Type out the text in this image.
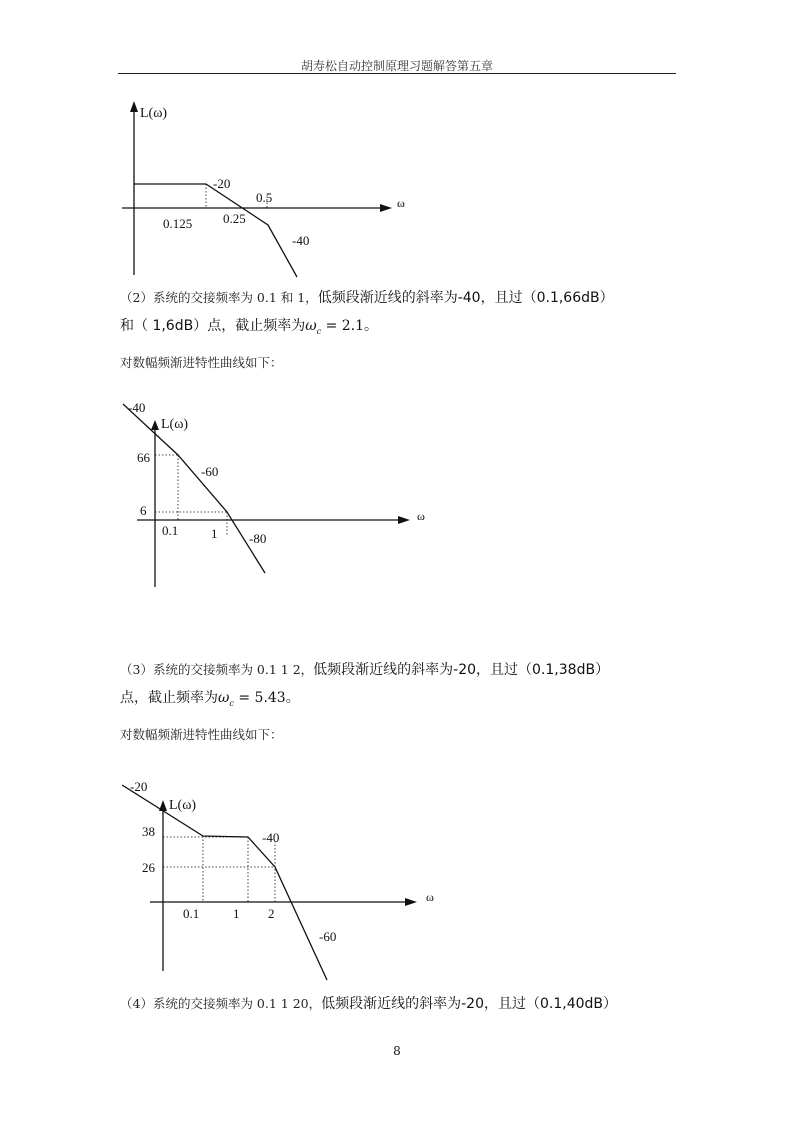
胡寿松自动控制原理习题解答第五章
L(ω)
ω
-20
0.5
0.125 0.25
-40
（2）系统的交接频率为 0.1 和 1，低频段渐近线的斜率为-40，且过（0.1,66dB）
和（ 1,6dB）点，截止频率为$\omega_c = 2.1$。
对数幅频渐进特性曲线如下：
L(ω)
ω
-40
66
-60
6
0.1	1 -80
（3）系统的交接频率为 0.1 1 2，低频段渐近线的斜率为-20，且过（0.1,38dB）
点，截止频率为$\omega_c = 5.43$。
对数幅频渐进特性曲线如下：
L(ω)
ω
-20
38	-40
26
0.1	1 2
-60
（4）系统的交接频率为 0.1 1 20，低频段渐近线的斜率为-20，且过（0.1,40dB）
8
